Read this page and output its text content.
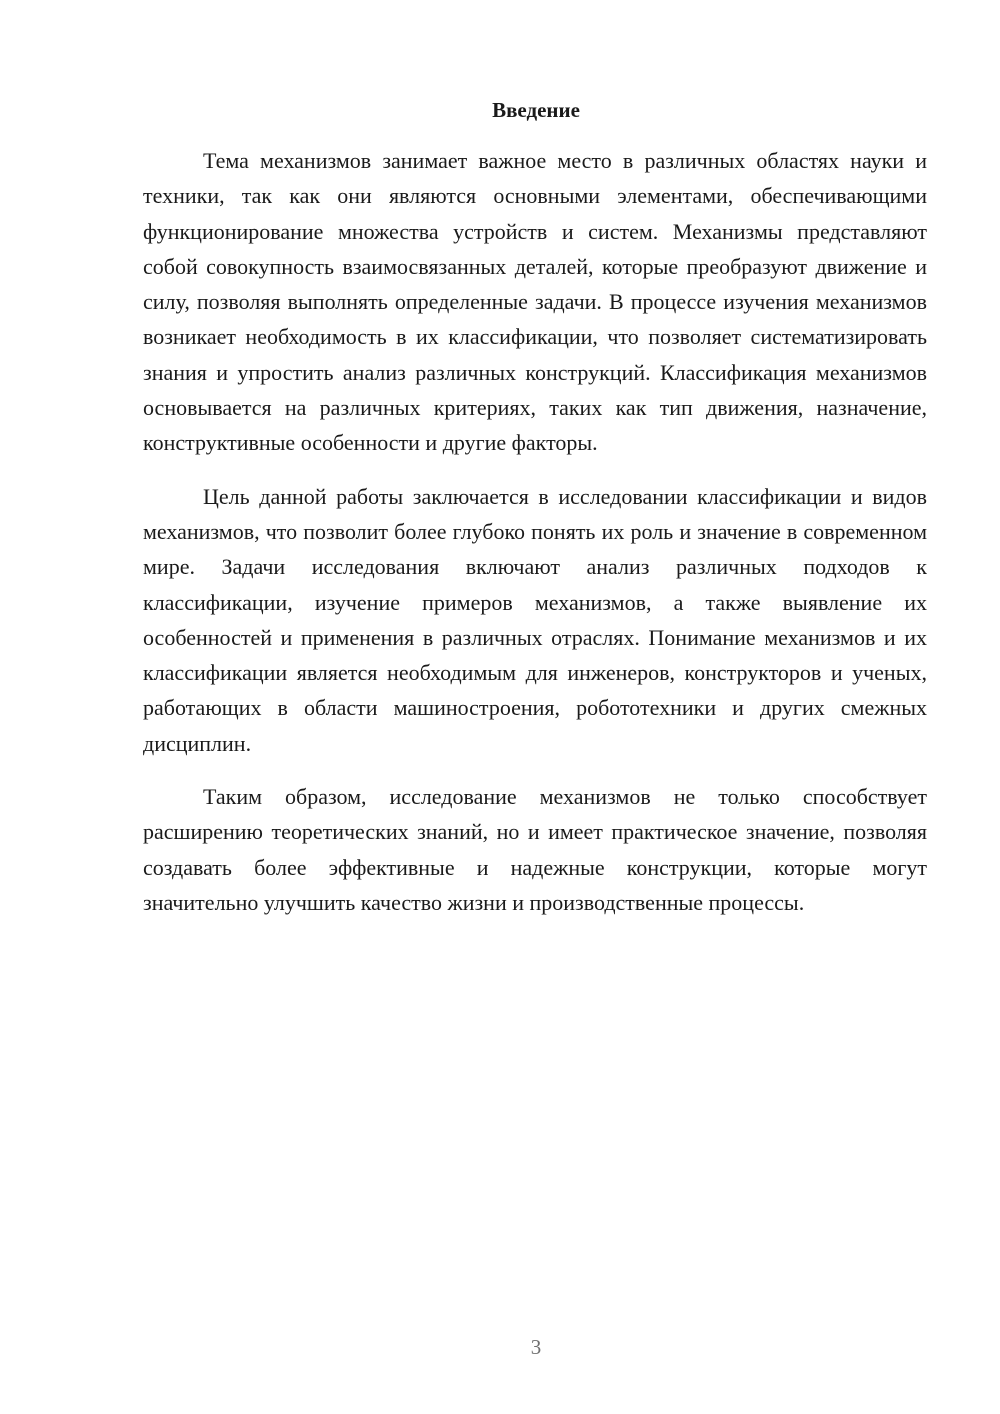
Введение

Тема механизмов занимает важное место в различных областях науки и техники, так как они являются основными элементами, обеспечивающими функционирование множества устройств и систем. Механизмы представляют собой совокупность взаимосвязанных деталей, которые преобразуют движение и силу, позволяя выполнять определенные задачи. В процессе изучения механизмов возникает необходимость в их классификации, что позволяет систематизировать знания и упростить анализ различных конструкций. Классификация механизмов основывается на различных критериях, таких как тип движения, назначение, конструктивные особенности и другие факторы.

Цель данной работы заключается в исследовании классификации и видов механизмов, что позволит более глубоко понять их роль и значение в современном мире. Задачи исследования включают анализ различных подходов к классификации, изучение примеров механизмов, а также выявление их особенностей и применения в различных отраслях. Понимание механизмов и их классификации является необходимым для инженеров, конструкторов и ученых, работающих в области машиностроения, робототехники и других смежных дисциплин.

Таким образом, исследование механизмов не только способствует расширению теоретических знаний, но и имеет практическое значение, позволяя создавать более эффективные и надежные конструкции, которые могут значительно улучшить качество жизни и производственные процессы.

3
